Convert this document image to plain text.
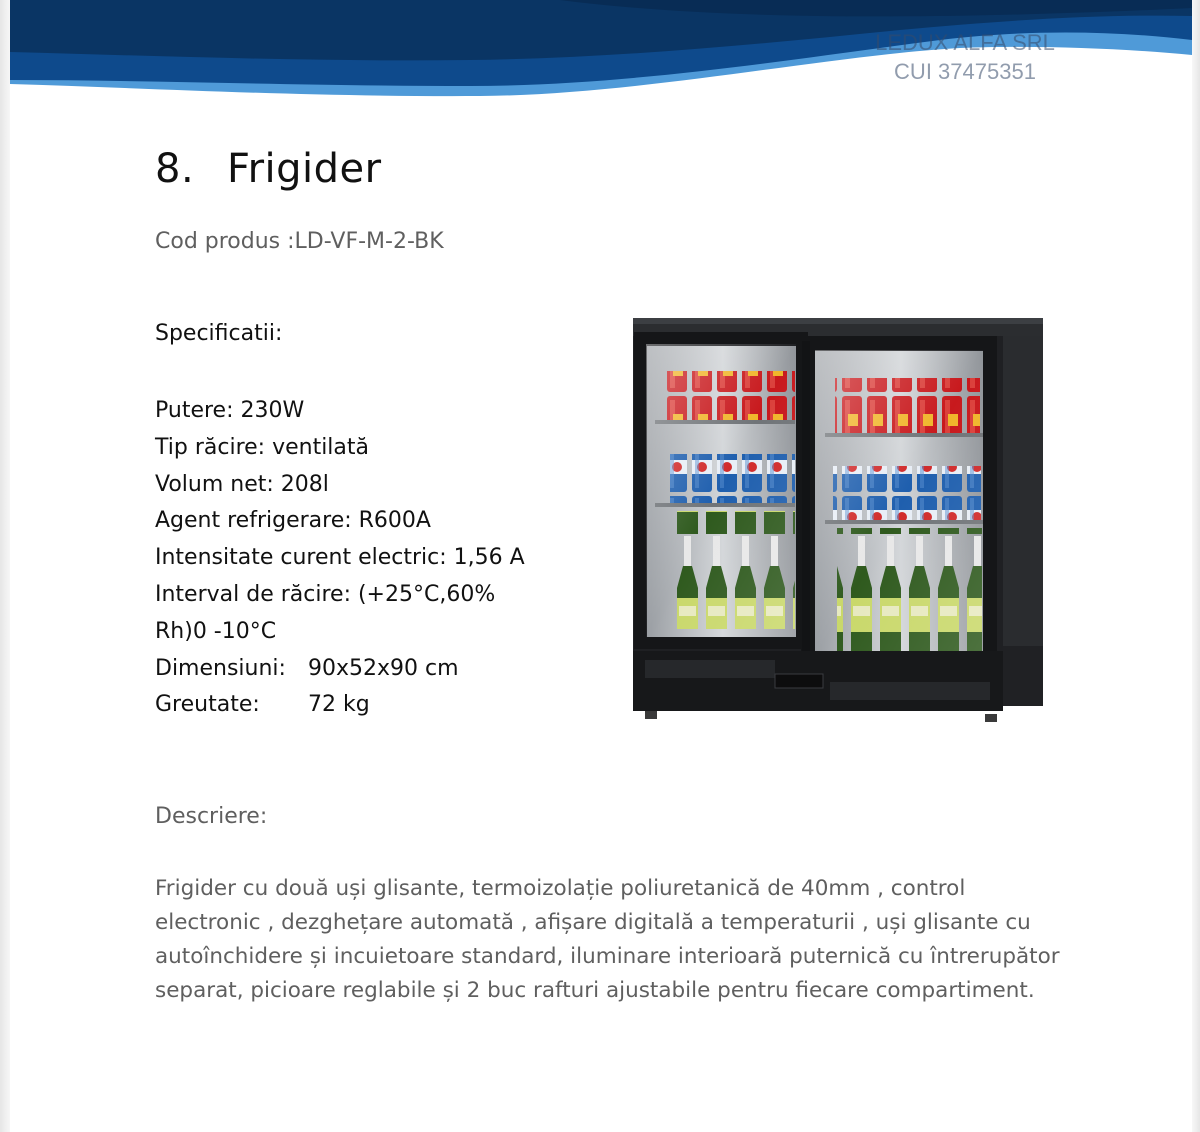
LEDUX ALFA SRL
CUI 37475351
8. Frigider
Cod produs :LD-VF-M-2-BK
Specificatii:
Putere: 230W
Tip răcire: ventilată
Volum net: 208l
Agent refrigerare: R600A
Intensitate curent electric: 1,56 A
Interval de răcire: (+25°C,60%
Rh)0 -10°C
Dimensiuni: 90x52x90 cm
Greutate: 72 kg
Descriere:

Frigider cu două uși glisante, termoizolație poliuretanică de 40mm , control electronic , dezghețare automată , afișare digitală a temperaturii , uși glisante cu autoînchidere și incuietoare standard, iluminare interioară puternică cu întrerupător separat, picioare reglabile și 2 buc rafturi ajustabile pentru fiecare compartiment.
